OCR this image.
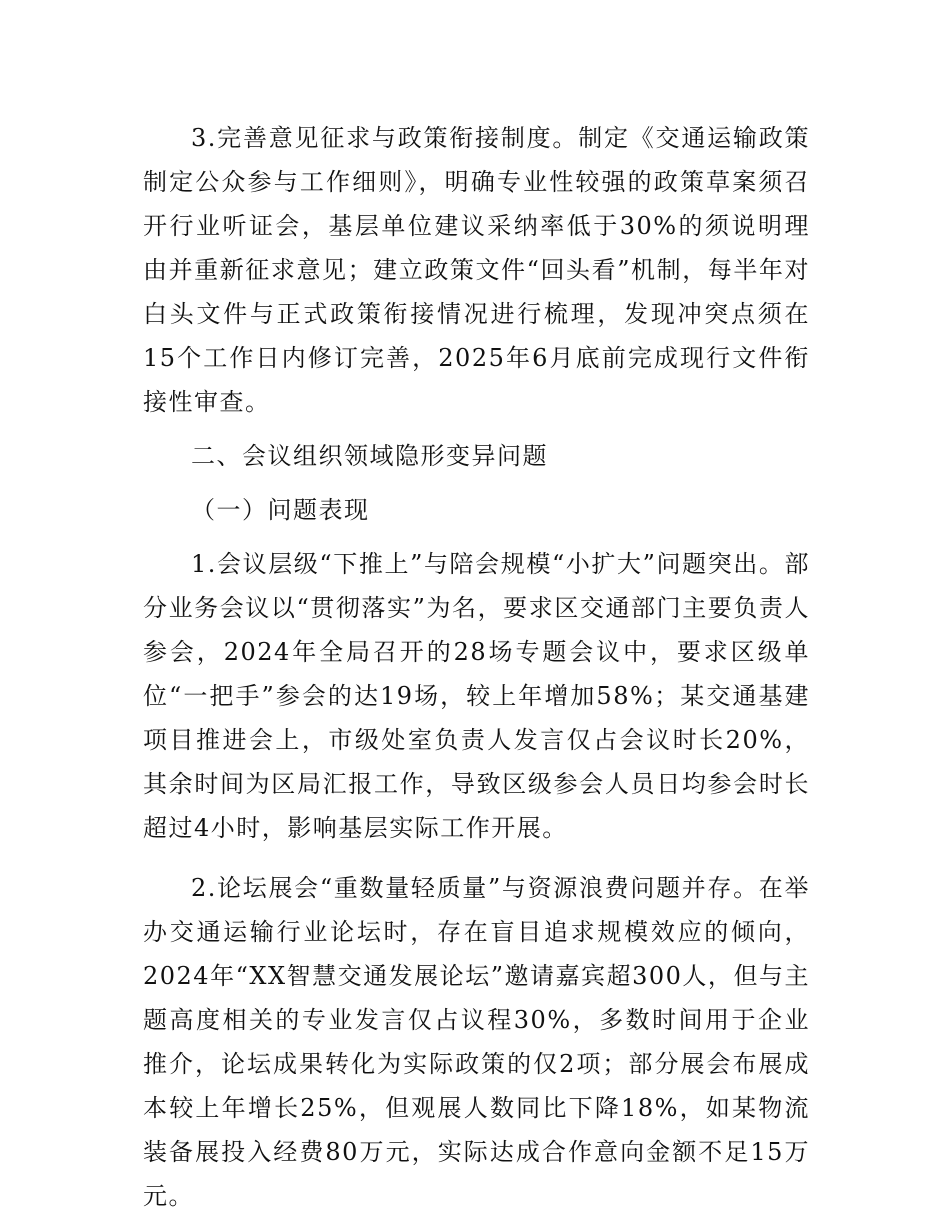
3.完善意见征求与政策衔接制度。制定《交通运输政策制定公众参与工作细则》，明确专业性较强的政策草案须召开行业听证会，基层单位建议采纳率低于30%的须说明理由并重新征求意见；建立政策文件“回头看”机制，每半年对白头文件与正式政策衔接情况进行梳理，发现冲突点须在15个工作日内修订完善，2025年6月底前完成现行文件衔接性审查。

二、会议组织领域隐形变异问题

（一）问题表现

1.会议层级“下推上”与陪会规模“小扩大”问题突出。部分业务会议以“贯彻落实”为名，要求区交通部门主要负责人参会，2024年全局召开的28场专题会议中，要求区级单位“一把手”参会的达19场，较上年增加58%；某交通基建项目推进会上，市级处室负责人发言仅占会议时长20%，其余时间为区局汇报工作，导致区级参会人员日均参会时长超过4小时，影响基层实际工作开展。

2.论坛展会“重数量轻质量”与资源浪费问题并存。在举办交通运输行业论坛时，存在盲目追求规模效应的倾向，2024年“XX智慧交通发展论坛”邀请嘉宾超300人，但与主题高度相关的专业发言仅占议程30%，多数时间用于企业推介，论坛成果转化为实际政策的仅2项；部分展会布展成本较上年增长25%，但观展人数同比下降18%，如某物流装备展投入经费80万元，实际达成合作意向金额不足15万元。
